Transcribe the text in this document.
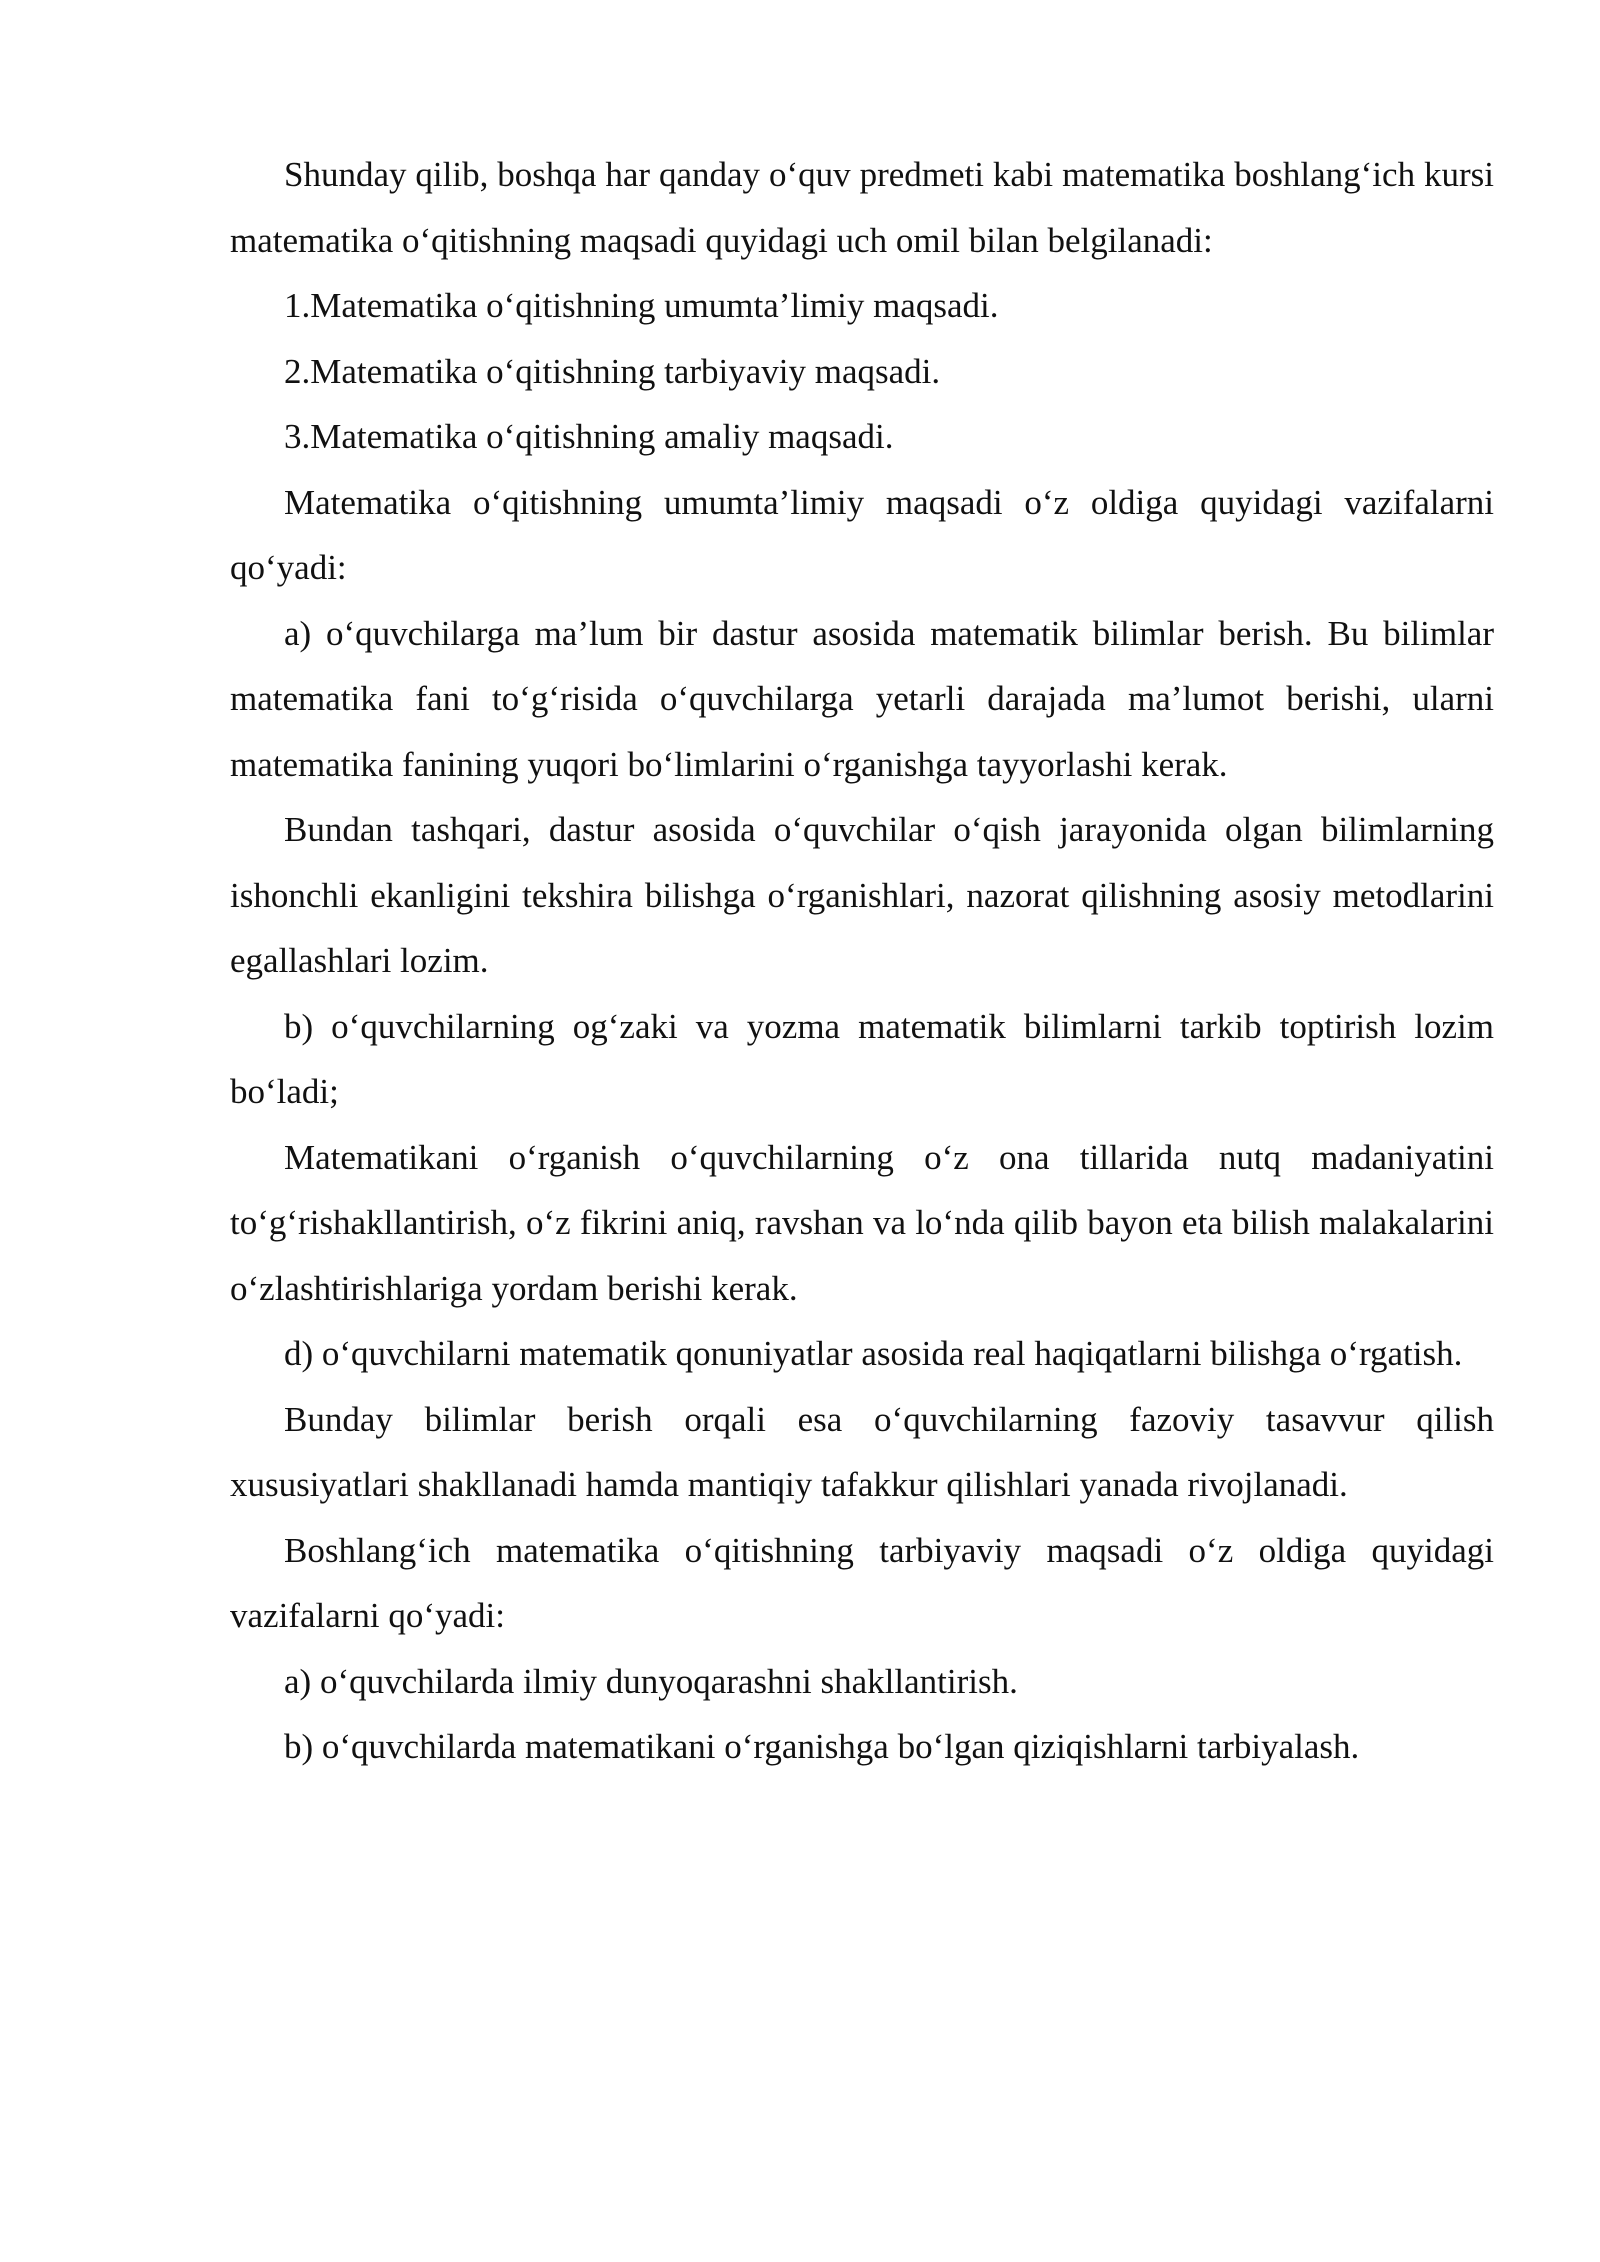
Shunday qilib, boshqa har qanday o‘quv predmeti kabi matematika boshlang‘ich kursi matematika o‘qitishning maqsadi quyidagi uch omil bilan belgilanadi:

1.Matematika o‘qitishning umumta’limiy maqsadi.

2.Matematika o‘qitishning tarbiyaviy maqsadi.

3.Matematika o‘qitishning amaliy maqsadi.

Matematika o‘qitishning umumta’limiy maqsadi o‘z oldiga quyidagi vazifalarni qo‘yadi:

a) o‘quvchilarga ma’lum bir dastur asosida matematik bilimlar berish. Bu bilimlar matematika fani to‘g‘risida o‘quvchilarga yetarli darajada ma’lumot berishi, ularni matematika fanining yuqori bo‘limlarini o‘rganishga tayyorlashi kerak.

Bundan tashqari, dastur asosida o‘quvchilar o‘qish jarayonida olgan bilimlarning ishonchli ekanligini tekshira bilishga o‘rganishlari, nazorat qilishning asosiy metodlarini egallashlari lozim.

b) o‘quvchilarning og‘zaki va yozma matematik bilimlarni tarkib toptirish lozim bo‘ladi;

Matematikani o‘rganish o‘quvchilarning o‘z ona tillarida nutq madaniyatini to‘g‘rishakllantirish, o‘z fikrini aniq, ravshan va lo‘nda qilib bayon eta bilish malakalarini o‘zlashtirishlariga yordam berishi kerak.

d) o‘quvchilarni matematik qonuniyatlar asosida real haqiqatlarni bilishga o‘rgatish.

Bunday bilimlar berish orqali esa o‘quvchilarning fazoviy tasavvur qilish xususiyatlari shakllanadi hamda mantiqiy tafakkur qilishlari yanada rivojlanadi.

Boshlang‘ich matematika o‘qitishning tarbiyaviy maqsadi o‘z oldiga quyidagi vazifalarni qo‘yadi:

a) o‘quvchilarda ilmiy dunyoqarashni shakllantirish.

b) o‘quvchilarda matematikani o‘rganishga bo‘lgan qiziqishlarni tarbiyalash.
